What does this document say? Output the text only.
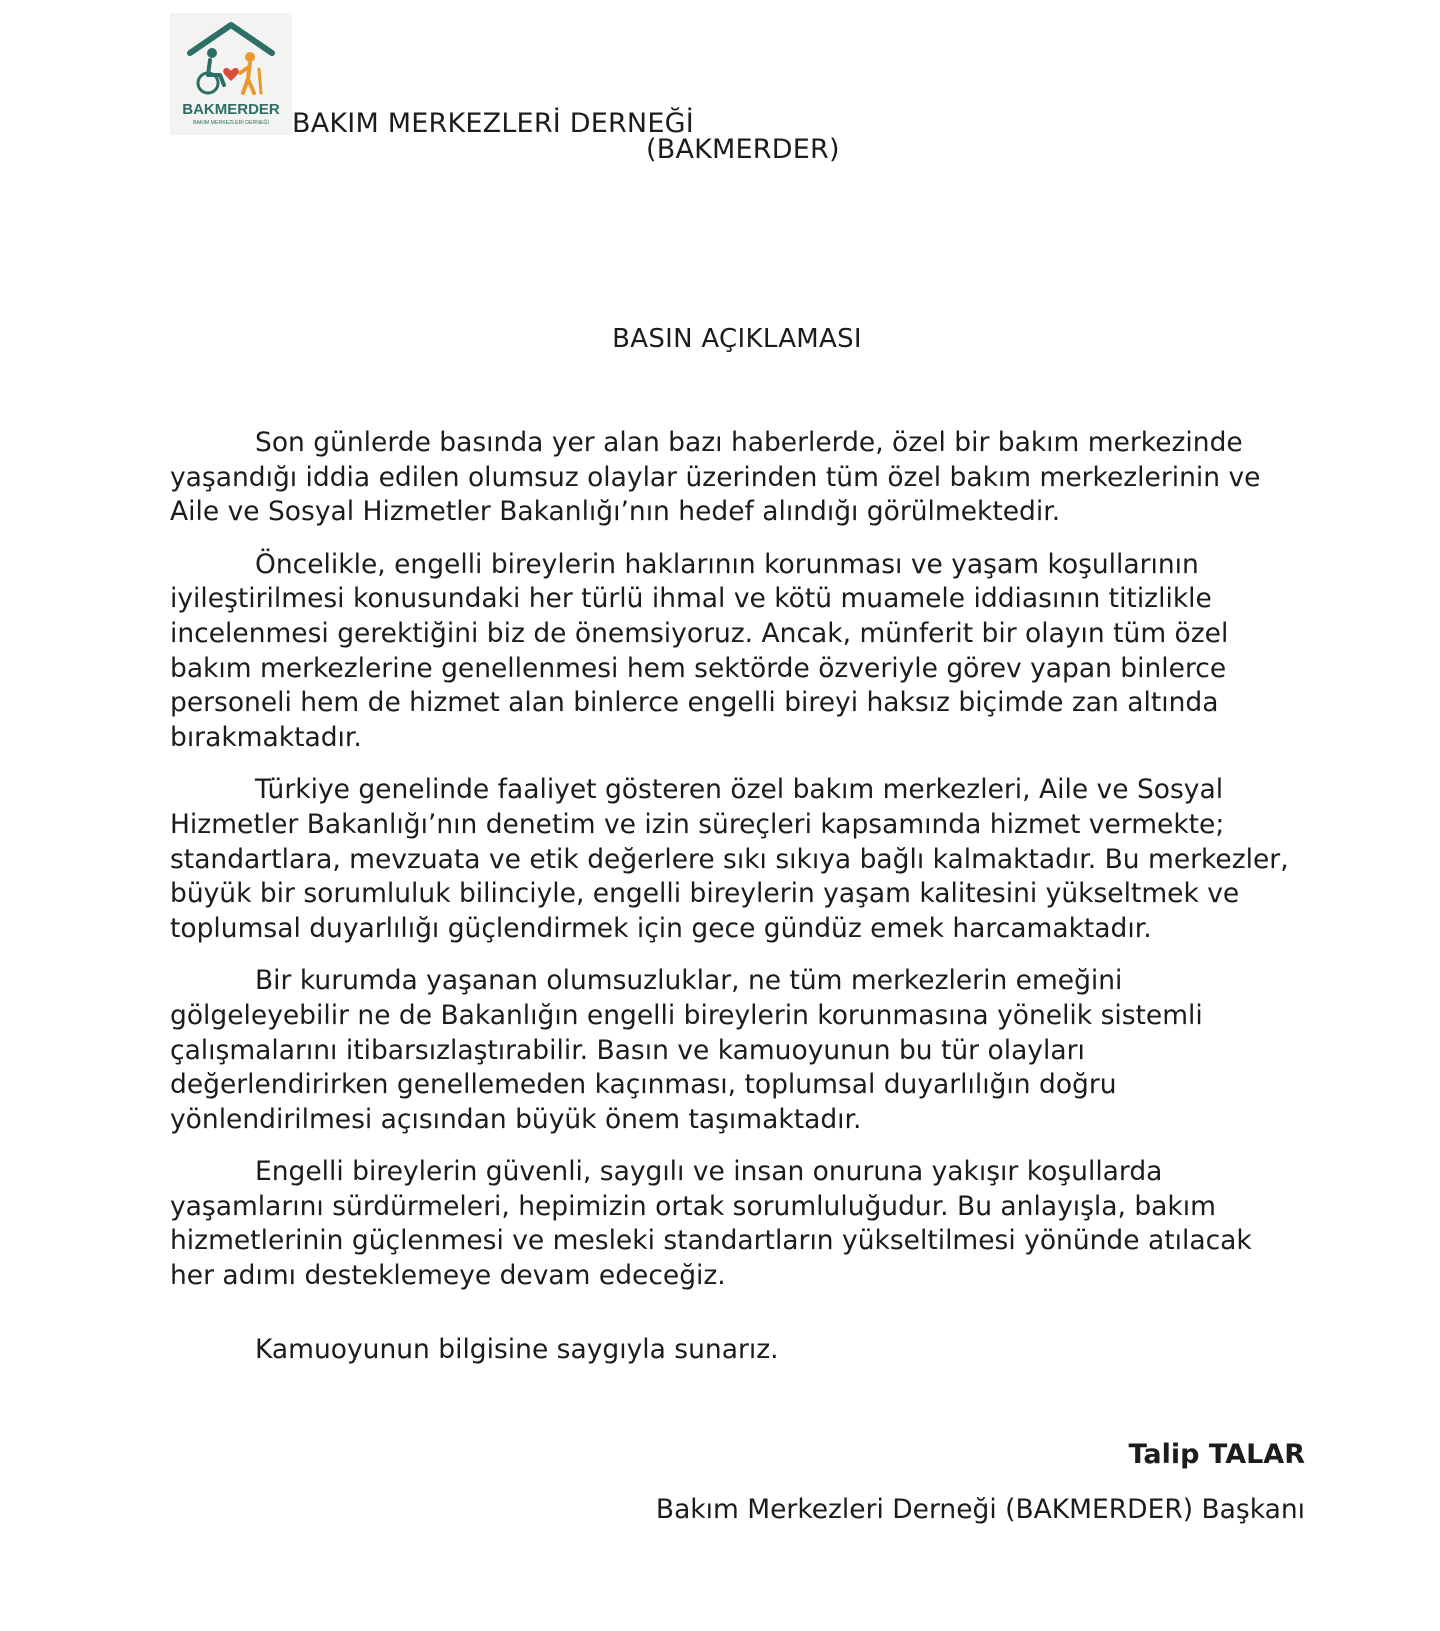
BAKMERDER
BAKIM MERKEZLERİ DERNEĞİ BAKIM MERKEZLERİ DERNEĞİ
(BAKMERDER)
BASIN AÇIKLAMASI

Son günlerde basında yer alan bazı haberlerde, özel bir bakım merkezinde yaşandığı iddia edilen olumsuz olaylar üzerinden tüm özel bakım merkezlerinin ve Aile ve Sosyal Hizmetler Bakanlığı’nın hedef alındığı görülmektedir.

Öncelikle, engelli bireylerin haklarının korunması ve yaşam koşullarının iyileştirilmesi konusundaki her türlü ihmal ve kötü muamele iddiasının titizlikle incelenmesi gerektiğini biz de önemsiyoruz. Ancak, münferit bir olayın tüm özel bakım merkezlerine genellenmesi hem sektörde özveriyle görev yapan binlerce personeli hem de hizmet alan binlerce engelli bireyi haksız biçimde zan altında bırakmaktadır.

Türkiye genelinde faaliyet gösteren özel bakım merkezleri, Aile ve Sosyal Hizmetler Bakanlığı’nın denetim ve izin süreçleri kapsamında hizmet vermekte; standartlara, mevzuata ve etik değerlere sıkı sıkıya bağlı kalmaktadır. Bu merkezler, büyük bir sorumluluk bilinciyle, engelli bireylerin yaşam kalitesini yükseltmek ve toplumsal duyarlılığı güçlendirmek için gece gündüz emek harcamaktadır.

Bir kurumda yaşanan olumsuzluklar, ne tüm merkezlerin emeğini gölgeleyebilir ne de Bakanlığın engelli bireylerin korunmasına yönelik sistemli çalışmalarını itibarsızlaştırabilir. Basın ve kamuoyunun bu tür olayları değerlendirirken genellemeden kaçınması, toplumsal duyarlılığın doğru yönlendirilmesi açısından büyük önem taşımaktadır.

Engelli bireylerin güvenli, saygılı ve insan onuruna yakışır koşullarda yaşamlarını sürdürmeleri, hepimizin ortak sorumluluğudur. Bu anlayışla, bakım hizmetlerinin güçlenmesi ve mesleki standartların yükseltilmesi yönünde atılacak her adımı desteklemeye devam edeceğiz.

Kamuoyunun bilgisine saygıyla sunarız.
Talip TALAR
Bakım Merkezleri Derneği (BAKMERDER) Başkanı
